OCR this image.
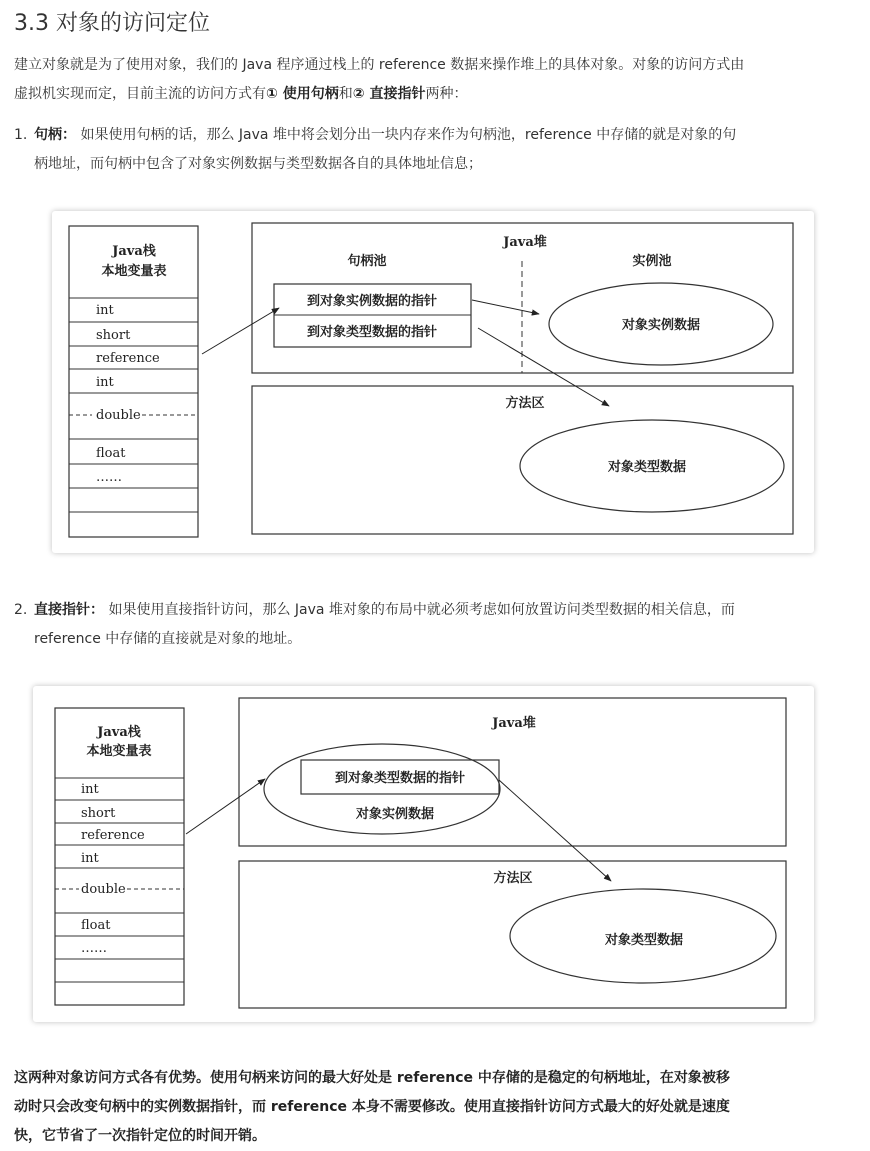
3.3 对象的访问定位
建立对象就是为了使用对象，我们的 Java 程序通过栈上的 reference 数据来操作堆上的具体对象。对象的访问方式由
虚拟机实现而定，目前主流的访问方式有① 使用句柄和② 直接指针两种：
1. 句柄： 如果使用句柄的话，那么 Java 堆中将会划分出一块内存来作为句柄池，reference 中存储的就是对象的句
柄地址，而句柄中包含了对象实例数据与类型数据各自的具体地址信息；
Java栈
本地变量表
int
short
reference
int
double
float
……
Java堆
句柄池	实例池
到对象实例数据的指针
到对象类型数据的指针	对象实例数据
方法区
对象类型数据
2. 直接指针： 如果使用直接指针访问，那么 Java 堆对象的布局中就必须考虑如何放置访问类型数据的相关信息，而
reference 中存储的直接就是对象的地址。
Java栈
本地变量表
int
short
reference
int
double
float
……
Java堆
到对象类型数据的指针
对象实例数据
方法区
对象类型数据
这两种对象访问方式各有优势。使用句柄来访问的最大好处是 reference 中存储的是稳定的句柄地址，在对象被移
动时只会改变句柄中的实例数据指针，而 reference 本身不需要修改。使用直接指针访问方式最大的好处就是速度
快，它节省了一次指针定位的时间开销。
